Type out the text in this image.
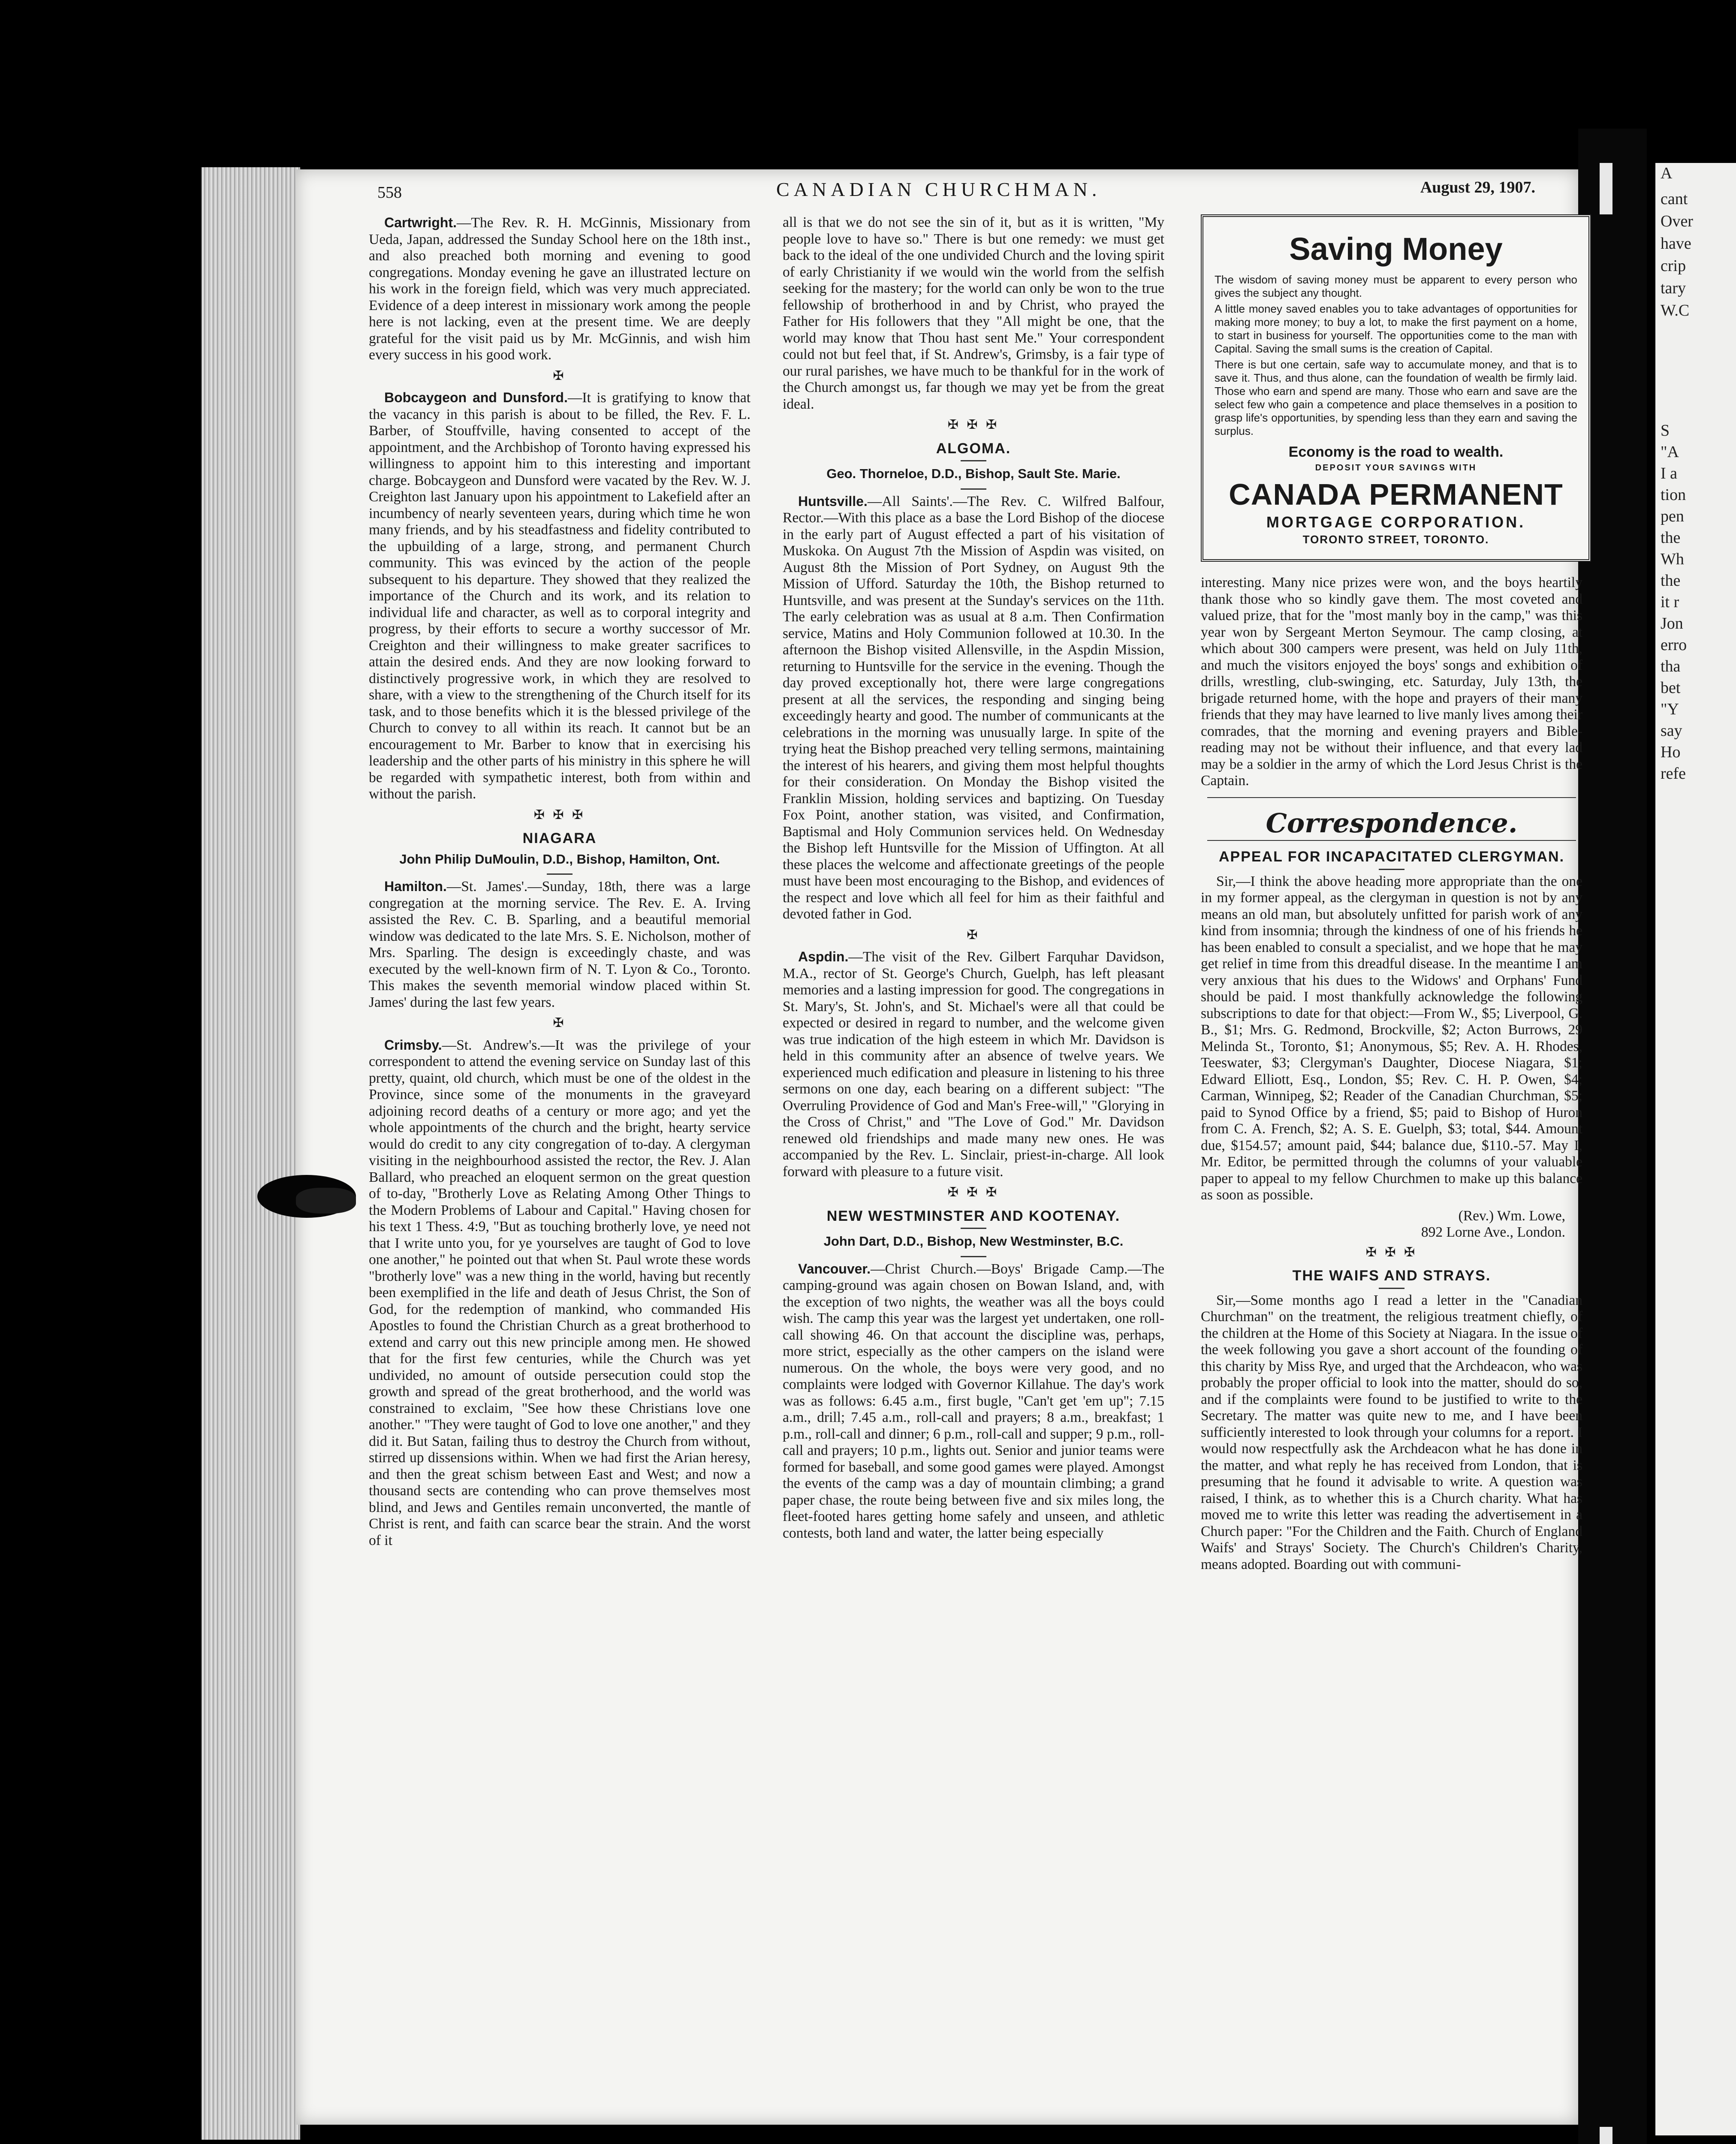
A
cant
Over
have
crip
tary
W.C
S
"A
I a
tion
pen
the
Wh
the
it r
Jon
erro
tha
bet
"Y
say
Ho
refe
558	CANADIAN CHURCHMAN.	August 29, 1907.

Cartwright.—The Rev. R. H. McGinnis, Missionary from Ueda, Japan, addressed the Sunday School here on the 18th inst., and also preached both morning and evening to good congregations. Monday evening he gave an illustrated lecture on his work in the foreign field, which was very much appreciated. Evidence of a deep interest in missionary work among the people here is not lacking, even at the present time. We are deeply grateful for the visit paid us by Mr. McGinnis, and wish him every success in his good work.

✠

Bobcaygeon and Dunsford.—It is gratifying to know that the vacancy in this parish is about to be filled, the Rev. F. L. Barber, of Stouffville, having consented to accept of the appointment, and the Archbishop of Toronto having expressed his willingness to appoint him to this interesting and important charge. Bobcaygeon and Dunsford were vacated by the Rev. W. J. Creighton last January upon his appointment to Lakefield after an incumbency of nearly seventeen years, during which time he won many friends, and by his steadfastness and fidelity contributed to the upbuilding of a large, strong, and permanent Church community. This was evinced by the action of the people subsequent to his departure. They showed that they realized the importance of the Church and its work, and its relation to individual life and character, as well as to corporal integrity and progress, by their efforts to secure a worthy successor of Mr. Creighton and their willingness to make greater sacrifices to attain the desired ends. And they are now looking forward to distinctively progressive work, in which they are resolved to share, with a view to the strengthening of the Church itself for its task, and to those benefits which it is the blessed privilege of the Church to convey to all within its reach. It cannot but be an encouragement to Mr. Barber to know that in exercising his leadership and the other parts of his ministry in this sphere he will be regarded with sympathetic interest, both from within and without the parish.

✠ ✠ ✠
NIAGARA
John Philip DuMoulin, D.D., Bishop, Hamilton, Ont.

Hamilton.—St. James'.—Sunday, 18th, there was a large congregation at the morning service. The Rev. E. A. Irving assisted the Rev. C. B. Sparling, and a beautiful memorial window was dedicated to the late Mrs. S. E. Nicholson, mother of Mrs. Sparling. The design is exceedingly chaste, and was executed by the well-known firm of N. T. Lyon & Co., Toronto. This makes the seventh memorial window placed within St. James' during the last few years.

✠

Crimsby.—St. Andrew's.—It was the privilege of your correspondent to attend the evening service on Sunday last of this pretty, quaint, old church, which must be one of the oldest in the Province, since some of the monuments in the graveyard adjoining record deaths of a century or more ago; and yet the whole appointments of the church and the bright, hearty service would do credit to any city congregation of to-day. A clergyman visiting in the neighbourhood assisted the rector, the Rev. J. Alan Ballard, who preached an eloquent sermon on the great question of to-day, "Brotherly Love as Relating Among Other Things to the Modern Problems of Labour and Capital." Having chosen for his text 1 Thess. 4:9, "But as touching brotherly love, ye need not that I write unto you, for ye yourselves are taught of God to love one another," he pointed out that when St. Paul wrote these words "brotherly love" was a new thing in the world, having but recently been exemplified in the life and death of Jesus Christ, the Son of God, for the redemption of mankind, who commanded His Apostles to found the Christian Church as a great brotherhood to extend and carry out this new principle among men. He showed that for the first few centuries, while the Church was yet undivided, no amount of outside persecution could stop the growth and spread of the great brotherhood, and the world was constrained to exclaim, "See how these Christians love one another." "They were taught of God to love one another," and they did it. But Satan, failing thus to destroy the Church from without, stirred up dissensions within. When we had first the Arian heresy, and then the great schism between East and West; and now a thousand sects are contending who can prove themselves most blind, and Jews and Gentiles remain unconverted, the mantle of Christ is rent, and faith can scarce bear the strain. And the worst of it

all is that we do not see the sin of it, but as it is written, "My people love to have so." There is but one remedy: we must get back to the ideal of the one undivided Church and the loving spirit of early Christianity if we would win the world from the selfish seeking for the mastery; for the world can only be won to the true fellowship of brotherhood in and by Christ, who prayed the Father for His followers that they "All might be one, that the world may know that Thou hast sent Me." Your correspondent could not but feel that, if St. Andrew's, Grimsby, is a fair type of our rural parishes, we have much to be thankful for in the work of the Church amongst us, far though we may yet be from the great ideal.

✠ ✠ ✠
ALGOMA.
Geo. Thorneloe, D.D., Bishop, Sault Ste. Marie.

Huntsville.—All Saints'.—The Rev. C. Wilfred Balfour, Rector.—With this place as a base the Lord Bishop of the diocese in the early part of August effected a part of his visitation of Muskoka. On August 7th the Mission of Aspdin was visited, on August 8th the Mission of Port Sydney, on August 9th the Mission of Ufford. Saturday the 10th, the Bishop returned to Huntsville, and was present at the Sunday's services on the 11th. The early celebration was as usual at 8 a.m. Then Confirmation service, Matins and Holy Communion followed at 10.30. In the afternoon the Bishop visited Allensville, in the Aspdin Mission, returning to Huntsville for the service in the evening. Though the day proved exceptionally hot, there were large congregations present at all the services, the responding and singing being exceedingly hearty and good. The number of communicants at the celebrations in the morning was unusually large. In spite of the trying heat the Bishop preached very telling sermons, maintaining the interest of his hearers, and giving them most helpful thoughts for their consideration. On Monday the Bishop visited the Franklin Mission, holding services and baptizing. On Tuesday Fox Point, another station, was visited, and Confirmation, Baptismal and Holy Communion services held. On Wednesday the Bishop left Huntsville for the Mission of Uffington. At all these places the welcome and affectionate greetings of the people must have been most encouraging to the Bishop, and evidences of the respect and love which all feel for him as their faithful and devoted father in God.

✠

Aspdin.—The visit of the Rev. Gilbert Farquhar Davidson, M.A., rector of St. George's Church, Guelph, has left pleasant memories and a lasting impression for good. The congregations in St. Mary's, St. John's, and St. Michael's were all that could be expected or desired in regard to number, and the welcome given was true indication of the high esteem in which Mr. Davidson is held in this community after an absence of twelve years. We experienced much edification and pleasure in listening to his three sermons on one day, each bearing on a different subject: "The Overruling Providence of God and Man's Free-will," "Glorying in the Cross of Christ," and "The Love of God." Mr. Davidson renewed old friendships and made many new ones. He was accompanied by the Rev. L. Sinclair, priest-in-charge. All look forward with pleasure to a future visit.

✠ ✠ ✠
NEW WESTMINSTER AND KOOTENAY.
John Dart, D.D., Bishop, New Westminster, B.C.

Vancouver.—Christ Church.—Boys' Brigade Camp.—The camping-ground was again chosen on Bowan Island, and, with the exception of two nights, the weather was all the boys could wish. The camp this year was the largest yet undertaken, one roll-call showing 46. On that account the discipline was, perhaps, more strict, especially as the other campers on the island were numerous. On the whole, the boys were very good, and no complaints were lodged with Governor Killahue. The day's work was as follows: 6.45 a.m., first bugle, "Can't get 'em up"; 7.15 a.m., drill; 7.45 a.m., roll-call and prayers; 8 a.m., breakfast; 1 p.m., roll-call and dinner; 6 p.m., roll-call and supper; 9 p.m., roll-call and prayers; 10 p.m., lights out. Senior and junior teams were formed for baseball, and some good games were played. Amongst the events of the camp was a day of mountain climbing; a grand paper chase, the route being between five and six miles long, the fleet-footed hares getting home safely and unseen, and athletic contests, both land and water, the latter being especially

Saving Money

The wisdom of saving money must be apparent to every person who gives the subject any thought.

A little money saved enables you to take advantages of opportunities for making more money; to buy a lot, to make the first payment on a home, to start in business for yourself. The opportunities come to the man with Capital. Saving the small sums is the creation of Capital.

There is but one certain, safe way to accumulate money, and that is to save it. Thus, and thus alone, can the foundation of wealth be firmly laid. Those who earn and spend are many. Those who earn and save are the select few who gain a competence and place themselves in a position to grasp life's opportunities, by spending less than they earn and saving the surplus.

Economy is the road to wealth.
DEPOSIT YOUR SAVINGS WITH
CANADA PERMANENT
MORTGAGE CORPORATION.
TORONTO STREET, TORONTO.

interesting. Many nice prizes were won, and the boys heartily thank those who so kindly gave them. The most coveted and valued prize, that for the "most manly boy in the camp," was this year won by Sergeant Merton Seymour. The camp closing, at which about 300 campers were present, was held on July 11th, and much the visitors enjoyed the boys' songs and exhibition of drills, wrestling, club-swinging, etc. Saturday, July 13th, the brigade returned home, with the hope and prayers of their many friends that they may have learned to live manly lives among their comrades, that the morning and evening prayers and Bible-reading may not be without their influence, and that every lad may be a soldier in the army of which the Lord Jesus Christ is the Captain.

Correspondence.
APPEAL FOR INCAPACITATED CLERGYMAN.

Sir,—I think the above heading more appropriate than the one in my former appeal, as the clergyman in question is not by any means an old man, but absolutely unfitted for parish work of any kind from insomnia; through the kindness of one of his friends he has been enabled to consult a specialist, and we hope that he may get relief in time from this dreadful disease. In the meantime I am very anxious that his dues to the Widows' and Orphans' Fund should be paid. I most thankfully acknowledge the following subscriptions to date for that object:—From W., $5; Liverpool, G. B., $1; Mrs. G. Redmond, Brockville, $2; Acton Burrows, 29 Melinda St., Toronto, $1; Anonymous, $5; Rev. A. H. Rhodes, Teeswater, $3; Clergyman's Daughter, Diocese Niagara, $1; Edward Elliott, Esq., London, $5; Rev. C. H. P. Owen, $4; Carman, Winnipeg, $2; Reader of the Canadian Churchman, $5; paid to Synod Office by a friend, $5; paid to Bishop of Huron from C. A. French, $2; A. S. E. Guelph, $3; total, $44. Amount due, $154.57; amount paid, $44; balance due, $110.-57. May I, Mr. Editor, be permitted through the columns of your valuable paper to appeal to my fellow Churchmen to make up this balance as soon as possible.

(Rev.) Wm. Lowe,
892 Lorne Ave., London.
✠ ✠ ✠
THE WAIFS AND STRAYS.

Sir,—Some months ago I read a letter in the "Canadian Churchman" on the treatment, the religious treatment chiefly, of the children at the Home of this Society at Niagara. In the issue of the week following you gave a short account of the founding of this charity by Miss Rye, and urged that the Archdeacon, who was probably the proper official to look into the matter, should do so, and if the complaints were found to be justified to write to the Secretary. The matter was quite new to me, and I have been sufficiently interested to look through your columns for a report. I would now respectfully ask the Archdeacon what he has done in the matter, and what reply he has received from London, that is presuming that he found it advisable to write. A question was raised, I think, as to whether this is a Church charity. What has moved me to write this letter was reading the advertisement in a Church paper: "For the Children and the Faith. Church of England Waifs' and Strays' Society. The Church's Children's Charity, means adopted. Boarding out with communi-
